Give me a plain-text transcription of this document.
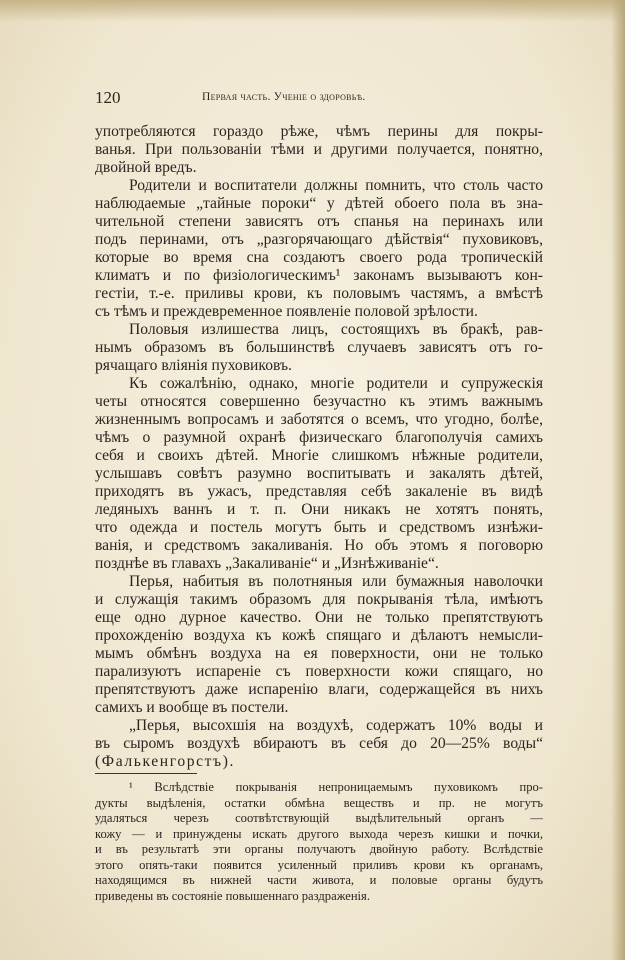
120	Первая часть. Ученіе о здоровьѣ.
употребляются гораздо рѣже, чѣмъ перины для покры-
ванья. При пользованіи тѣми и другими получается, понятно,
двойной вредъ.
Родители и воспитатели должны помнить, что столь часто
наблюдаемые „тайные пороки“ у дѣтей обоего пола въ зна-
чительной степени зависятъ отъ спанья на перинахъ или
подъ перинами, отъ „разгорячающаго дѣйствія“ пуховиковъ,
которые во время сна создаютъ своего рода тропическій
климатъ и по физіологическимъ¹ законамъ вызываютъ кон-
гестіи, т.-е. приливы крови, къ половымъ частямъ, а вмѣстѣ
съ тѣмъ и преждевременное появленіе половой зрѣлости.
Половыя излишества лицъ, состоящихъ въ бракѣ, рав-
нымъ образомъ въ большинствѣ случаевъ зависятъ отъ го-
рячащаго вліянія пуховиковъ.
Къ сожалѣнію, однако, многіе родители и супружескія
четы относятся совершенно безучастно къ этимъ важнымъ
жизненнымъ вопросамъ и заботятся о всемъ, что угодно, болѣе,
чѣмъ о разумной охранѣ физическаго благополучія самихъ
себя и своихъ дѣтей. Многіе слишкомъ нѣжные родители,
услышавъ совѣтъ разумно воспитывать и закалять дѣтей,
приходятъ въ ужасъ, представляя себѣ закаленіе въ видѣ
ледяныхъ ваннъ и т. п. Они никакъ не хотятъ понять,
что одежда и постель могутъ быть и средствомъ изнѣжи-
ванія, и средствомъ закаливанія. Но объ этомъ я поговорю
позднѣе въ главахъ „Закаливаніе“ и „Изнѣживаніе“.
Перья, набитыя въ полотняныя или бумажныя наволочки
и служащія такимъ образомъ для покрыванія тѣла, имѣютъ
еще одно дурное качество. Они не только препятствуютъ
прохожденію воздуха къ кожѣ спящаго и дѣлаютъ немысли-
мымъ обмѣнъ воздуха на ея поверхности, они не только
парализуютъ испареніе съ поверхности кожи спящаго, но
препятствуютъ даже испаренію влаги, содержащейся въ нихъ
самихъ и вообще въ постели.
„Перья, высохшія на воздухѣ, содержатъ 10% воды и
въ сыромъ воздухѣ вбираютъ въ себя до 20—25% воды“
(Фалькенгорстъ).
¹ Вслѣдствіе покрыванія непроницаемымъ пуховикомъ про-
дукты выдѣленія, остатки обмѣна веществъ и пр. не могутъ
удаляться черезъ соотвѣтствующій выдѣлительный органъ —
кожу — и принуждены искать другого выхода черезъ кишки и почки,
и въ результатѣ эти органы получаютъ двойную работу. Вслѣдствіе
этого опять-таки появится усиленный приливъ крови къ органамъ,
находящимся въ нижней части живота, и половые органы будутъ
приведены въ состояніе повышеннаго раздраженія.
